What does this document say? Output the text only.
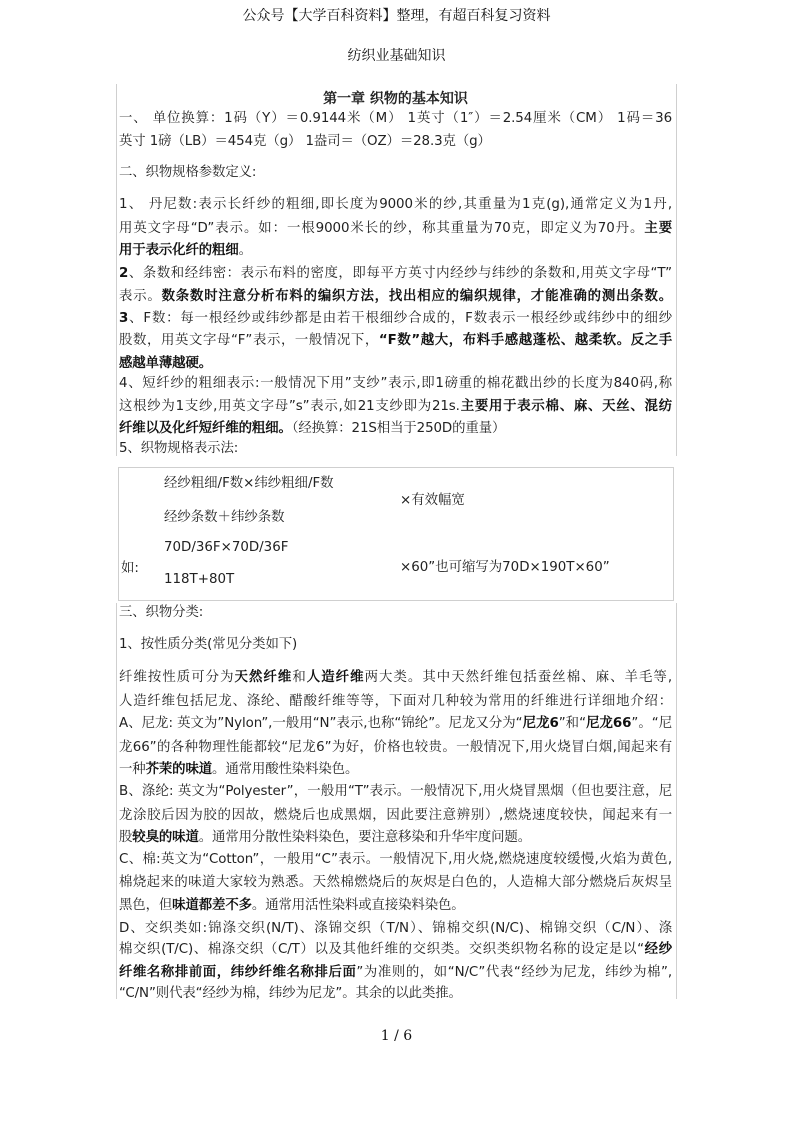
公众号【大学百科资料】整理，有超百科复习资料
纺织业基础知识
第一章 织物的基本知识
一、 单位换算：1码（Y）＝0.9144米（M） 1英寸（1″）＝2.54厘米（CM） 1码＝36
英寸 1磅（LB）＝454克（g） 1盎司＝（OZ）＝28.3克（g）
二、织物规格参数定义:
1、 丹尼数:表示长纤纱的粗细,即长度为9000米的纱,其重量为1克(g),通常定义为1丹,
用英文字母“D”表示。如：一根9000米长的纱，称其重量为70克，即定义为70丹。主要
用于表示化纤的粗细。
2、条数和经纬密：表示布料的密度，即每平方英寸内经纱与纬纱的条数和,用英文字母“T”
表示。数条数时注意分析布料的编织方法，找出相应的编织规律，才能准确的测出条数。
3、F数：每一根经纱或纬纱都是由若干根细纱合成的，F数表示一根经纱或纬纱中的细纱
股数，用英文字母“F”表示，一般情况下，“F数”越大，布料手感越蓬松、越柔软。反之手
感越单薄越硬。
4、短纤纱的粗细表示:一般情况下用”支纱”表示,即1磅重的棉花戳出纱的长度为840码,称
这根纱为1支纱,用英文字母”s”表示,如21支纱即为21s.主要用于表示棉、麻、天丝、混纺
纤维以及化纤短纤维的粗细。（经换算：21S相当于250D的重量）
5、织物规格表示法:
经纱粗细/F数×纬纱粗细/F数
经纱条数＋纬纱条数
×有效幅宽
如:
70D/36F×70D/36F
118T+80T
×60”也可缩写为70D×190T×60”
三、织物分类:
1、按性质分类(常见分类如下)
纤维按性质可分为天然纤维和人造纤维两大类。其中天然纤维包括蚕丝棉、麻、羊毛等,
人造纤维包括尼龙、涤纶、醋酸纤维等等，下面对几种较为常用的纤维进行详细地介绍：
A、尼龙: 英文为”Nylon”,一般用“N”表示,也称“锦纶”。尼龙又分为“尼龙6”和“尼龙66”。“尼
龙66”的各种物理性能都较“尼龙6”为好，价格也较贵。一般情况下,用火烧冒白烟,闻起来有
一种芥茉的味道。通常用酸性染料染色。
B、涤纶: 英文为“Polyester”，一般用“T”表示。一般情况下,用火烧冒黑烟（但也要注意，尼
龙涂胶后因为胶的因故，燃烧后也成黑烟，因此要注意辨别）,燃烧速度较快，闻起来有一
股较臭的味道。通常用分散性染料染色，要注意移染和升华牢度问题。
C、棉:英文为“Cotton”，一般用“C”表示。一般情况下,用火烧,燃烧速度较缓慢,火焰为黄色,
棉烧起来的味道大家较为熟悉。天然棉燃烧后的灰烬是白色的，人造棉大部分燃烧后灰烬呈
黑色，但味道都差不多。通常用活性染料或直接染料染色。
D、交织类如:锦涤交织(N/T)、涤锦交织（T/N）、锦棉交织(N/C)、棉锦交织（C/N）、涤
棉交织(T/C)、棉涤交织（C/T）以及其他纤维的交织类。交织类织物名称的设定是以“经纱
纤维名称排前面，纬纱纤维名称排后面”为准则的，如“N/C”代表“经纱为尼龙，纬纱为棉”,
“C/N”则代表“经纱为棉，纬纱为尼龙”。其余的以此类推。
1 / 6
